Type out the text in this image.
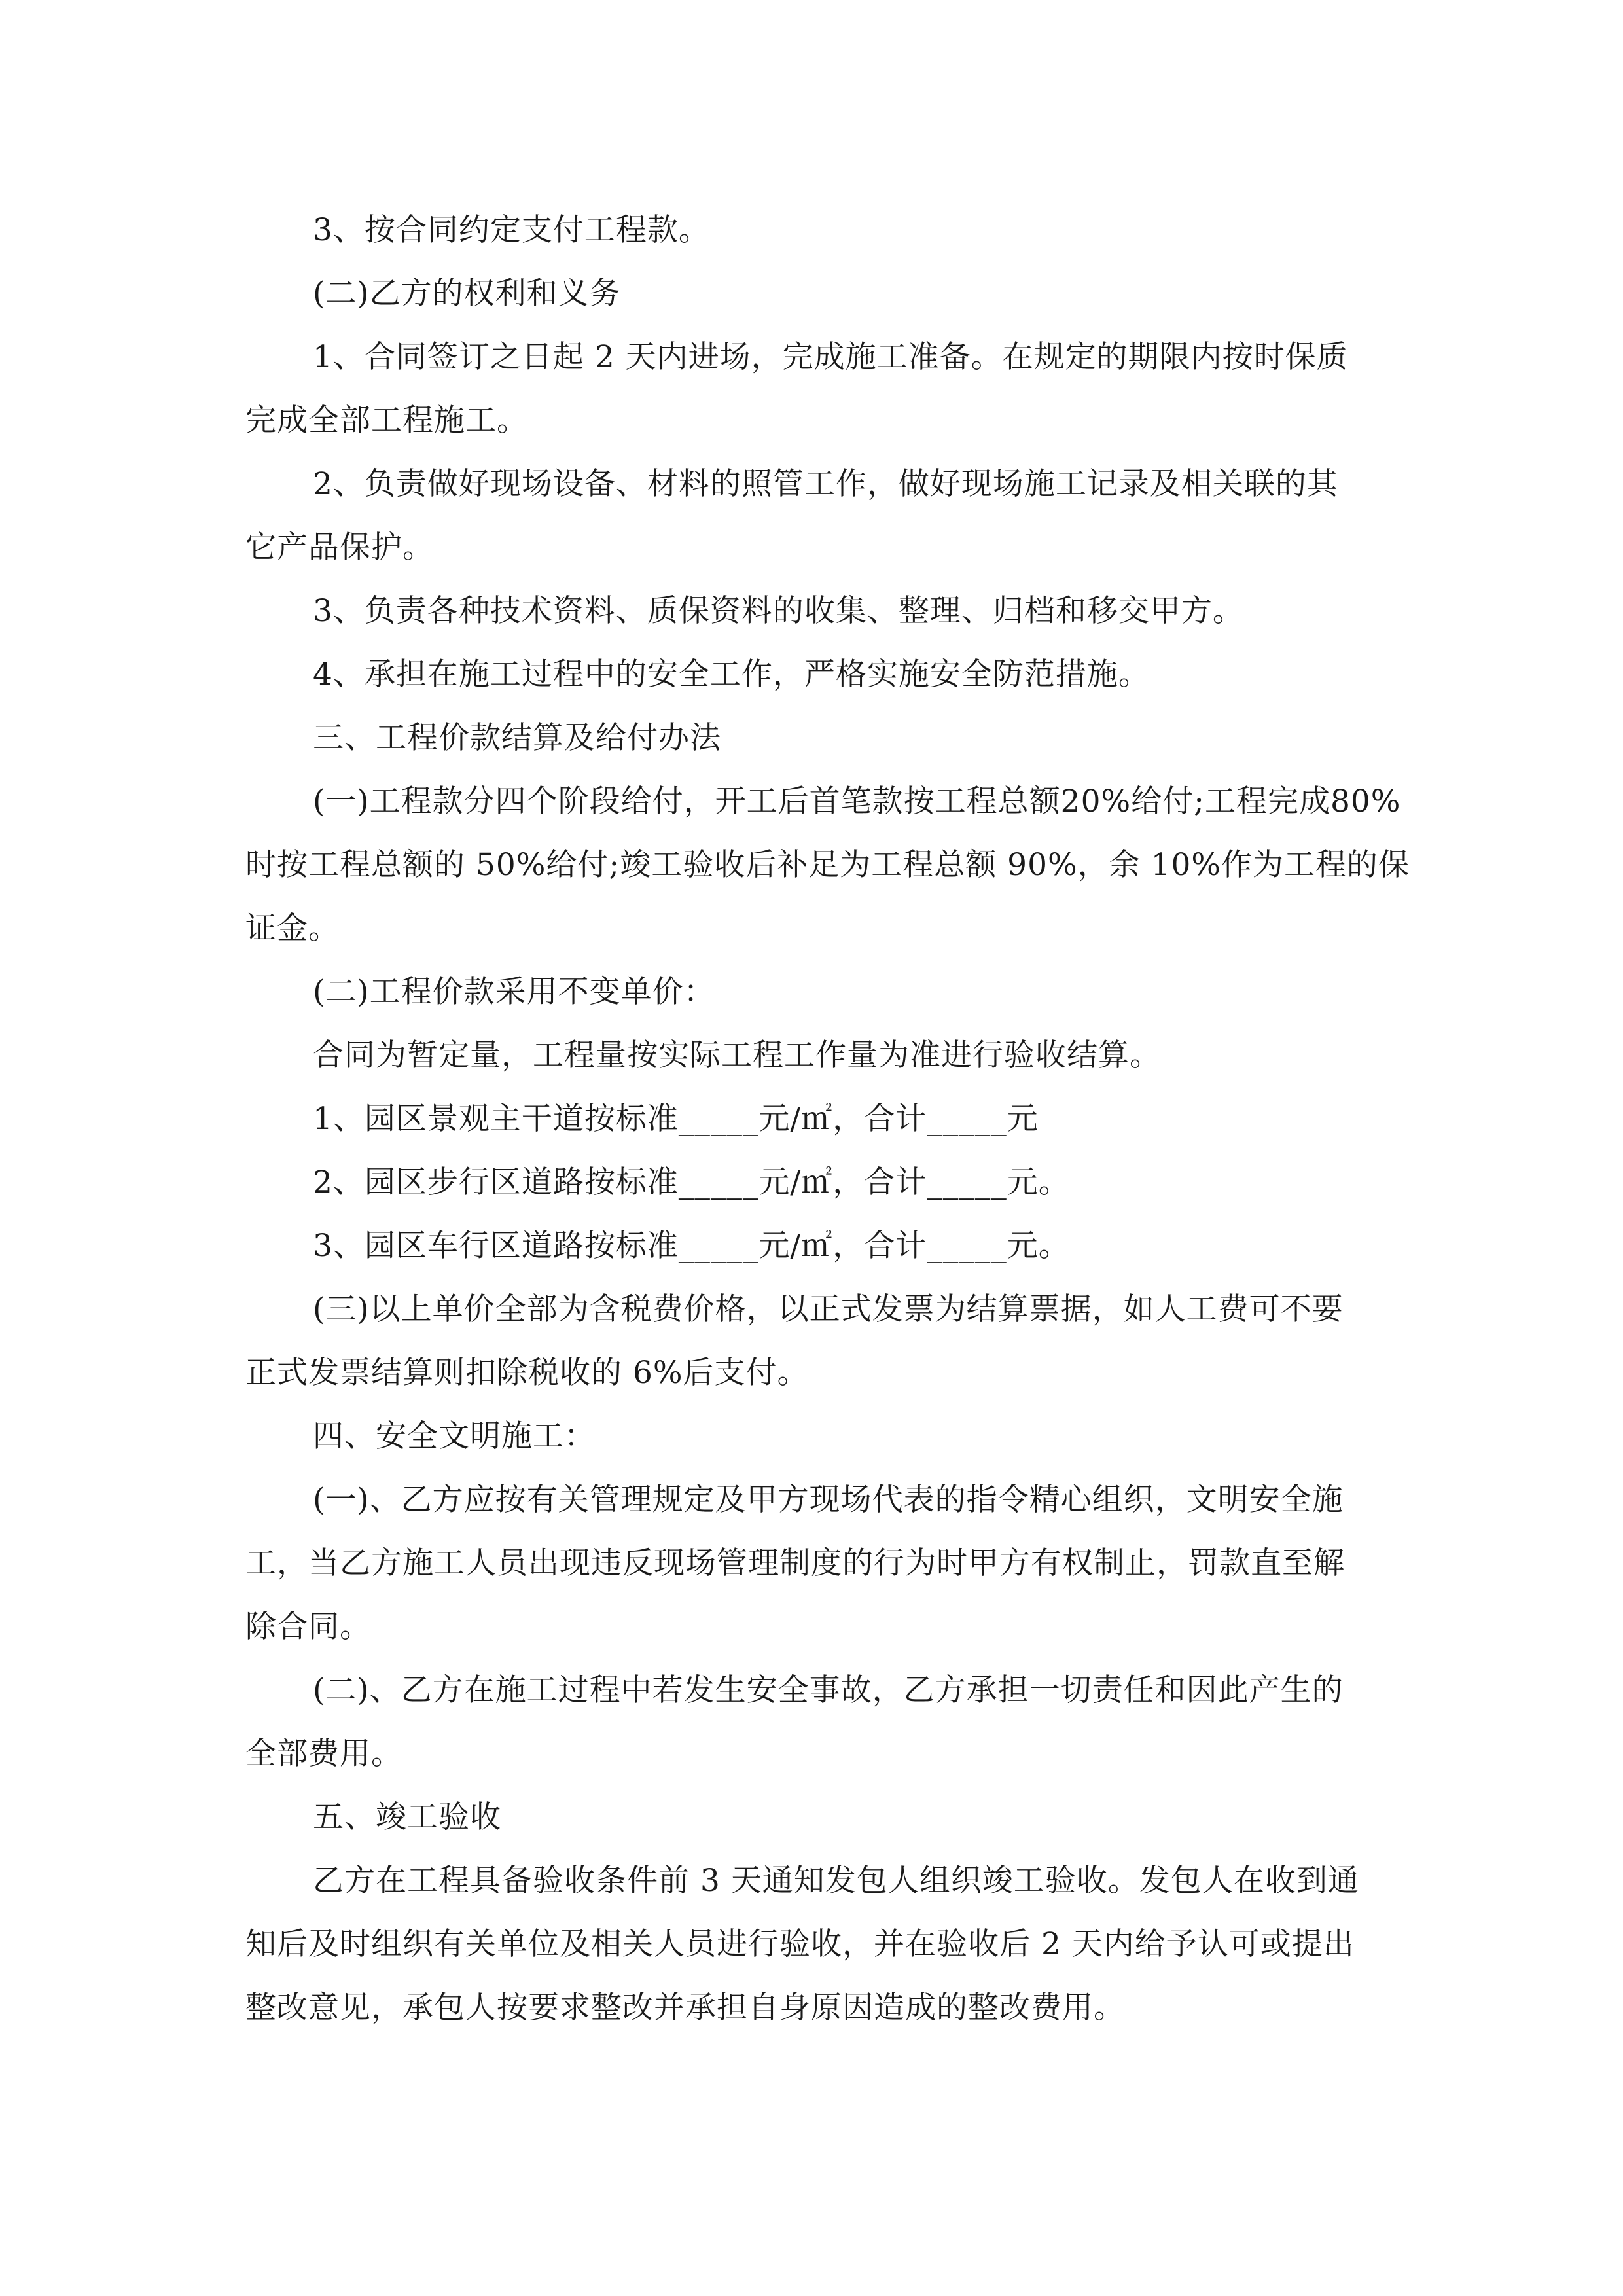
3、按合同约定支付工程款。
(二)乙方的权利和义务
1、合同签订之日起 2 天内进场，完成施工准备。在规定的期限内按时保质
完成全部工程施工。
2、负责做好现场设备、材料的照管工作，做好现场施工记录及相关联的其
它产品保护。
3、负责各种技术资料、质保资料的收集、整理、归档和移交甲方。
4、承担在施工过程中的安全工作，严格实施安全防范措施。
三、工程价款结算及给付办法
(一)工程款分四个阶段给付，开工后首笔款按工程总额20%给付;工程完成80%
时按工程总额的 50%给付;竣工验收后补足为工程总额 90%，余 10%作为工程的保
证金。
(二)工程价款采用不变单价：
合同为暂定量，工程量按实际工程工作量为准进行验收结算。
1、园区景观主干道按标准_____元/㎡，合计_____元
2、园区步行区道路按标准_____元/㎡，合计_____元。
3、园区车行区道路按标准_____元/㎡，合计_____元。
(三)以上单价全部为含税费价格，以正式发票为结算票据，如人工费可不要
正式发票结算则扣除税收的 6%后支付。
四、安全文明施工：
(一)、乙方应按有关管理规定及甲方现场代表的指令精心组织，文明安全施
工，当乙方施工人员出现违反现场管理制度的行为时甲方有权制止，罚款直至解
除合同。
(二)、乙方在施工过程中若发生安全事故，乙方承担一切责任和因此产生的
全部费用。
五、竣工验收
乙方在工程具备验收条件前 3 天通知发包人组织竣工验收。发包人在收到通
知后及时组织有关单位及相关人员进行验收，并在验收后 2 天内给予认可或提出
整改意见，承包人按要求整改并承担自身原因造成的整改费用。
